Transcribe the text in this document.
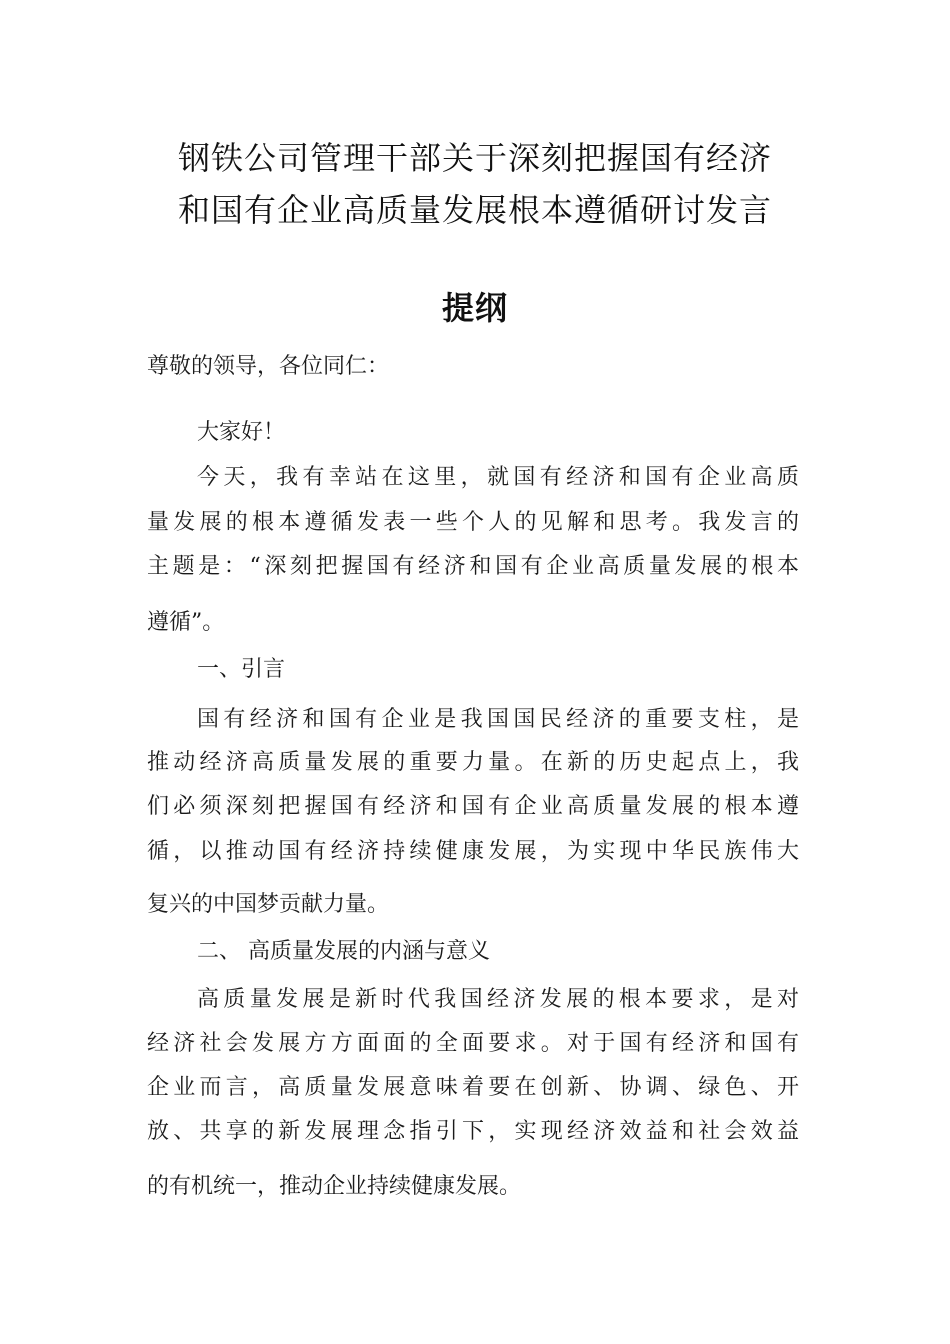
钢铁公司管理干部关于深刻把握国有经济
和国有企业高质量发展根本遵循研讨发言
提纲
尊敬的领导，各位同仁：
大家好！
今天，我有幸站在这里，就国有经济和国有企业高质
量发展的根本遵循发表一些个人的见解和思考。我发言的
主题是：“深刻把握国有经济和国有企业高质量发展的根本
遵循”。
一、引言
国有经济和国有企业是我国国民经济的重要支柱，是
推动经济高质量发展的重要力量。在新的历史起点上，我
们必须深刻把握国有经济和国有企业高质量发展的根本遵
循，以推动国有经济持续健康发展，为实现中华民族伟大
复兴的中国梦贡献力量。
二、 高质量发展的内涵与意义
高质量发展是新时代我国经济发展的根本要求，是对
经济社会发展方方面面的全面要求。对于国有经济和国有
企业而言，高质量发展意味着要在创新、协调、绿色、开
放、共享的新发展理念指引下，实现经济效益和社会效益
的有机统一，推动企业持续健康发展。
